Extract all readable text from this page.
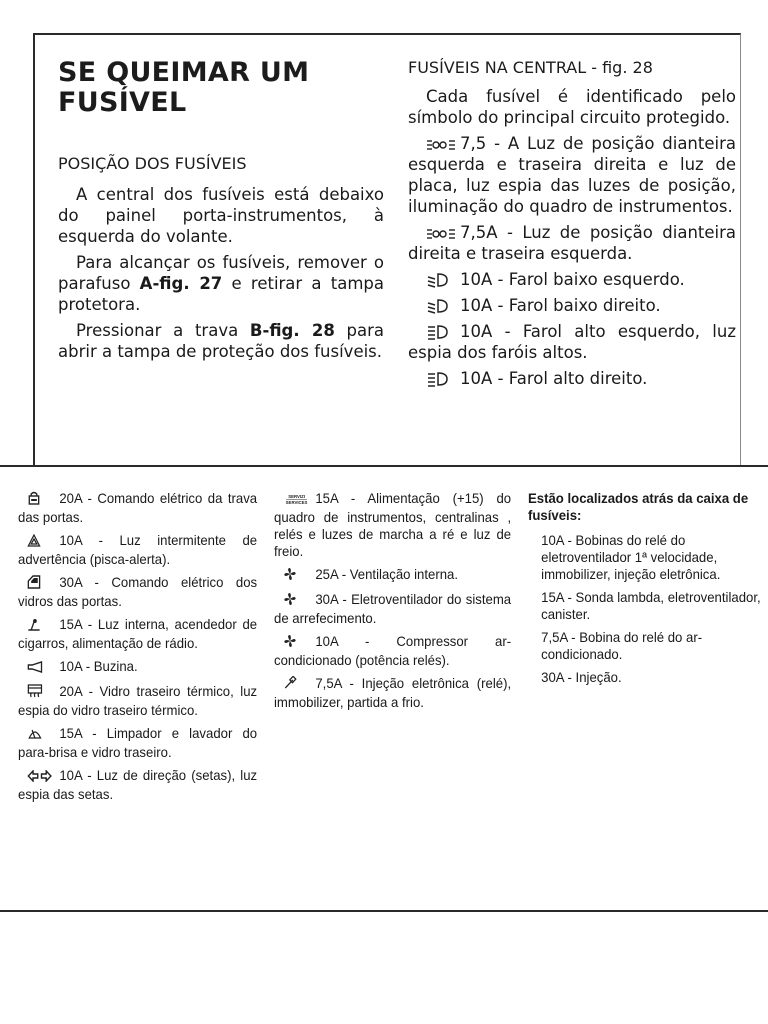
SE QUEIMAR UM FUSÍVEL
POSIÇÃO DOS FUSÍVEIS

A central dos fusíveis está debaixo do painel porta-instrumentos, à esquerda do volante.

Para alcançar os fusíveis, remover o parafuso A-fig. 27 e retirar a tampa protetora.

Pressionar a trava B-fig. 28 para abrir a tampa de proteção dos fusíveis.

FUSÍVEIS NA CENTRAL - fig. 28

Cada fusível é identificado pelo símbolo do principal circuito protegido.

7,5 - A Luz de posição dianteira esquerda e traseira direita e luz de placa, luz espia das luzes de posição, iluminação do quadro de instrumentos.

7,5A - Luz de posição dianteira direita e traseira esquerda.

10A - Farol baixo esquerdo.

10A - Farol baixo direito.

10A - Farol alto esquerdo, luz espia dos faróis altos.

10A - Farol alto direito.

20A - Comando elétrico da trava das portas.
10A - Luz intermitente de advertência (pisca-alerta).
30A - Comando elétrico dos vidros das portas.
15A - Luz interna, acendedor de cigarros, alimentação de rádio.
10A - Buzina.
20A - Vidro traseiro térmico, luz espia do vidro traseiro térmico.
15A - Limpador e lavador do para-brisa e vidro traseiro.
10A - Luz de direção (setas), luz espia das setas.
SERVIZI
SERVICES 15A - Alimentação (+15) do quadro de instrumentos, centralinas , relés e luzes de marcha a ré e luz de freio.
25A - Ventilação interna.
30A - Eletroventilador do sistema de arrefecimento.
10A - Compressor ar-condicionado (potência relés).
7,5A - Injeção eletrônica (relé), immobilizer, partida a frio.
Estão localizados atrás da caixa de fusíveis:
10A - Bobinas do relé do eletroventilador 1ª velocidade, immobilizer, injeção eletrônica.
15A - Sonda lambda, eletroventilador, canister.
7,5A - Bobina do relé do ar-condicionado.
30A - Injeção.
